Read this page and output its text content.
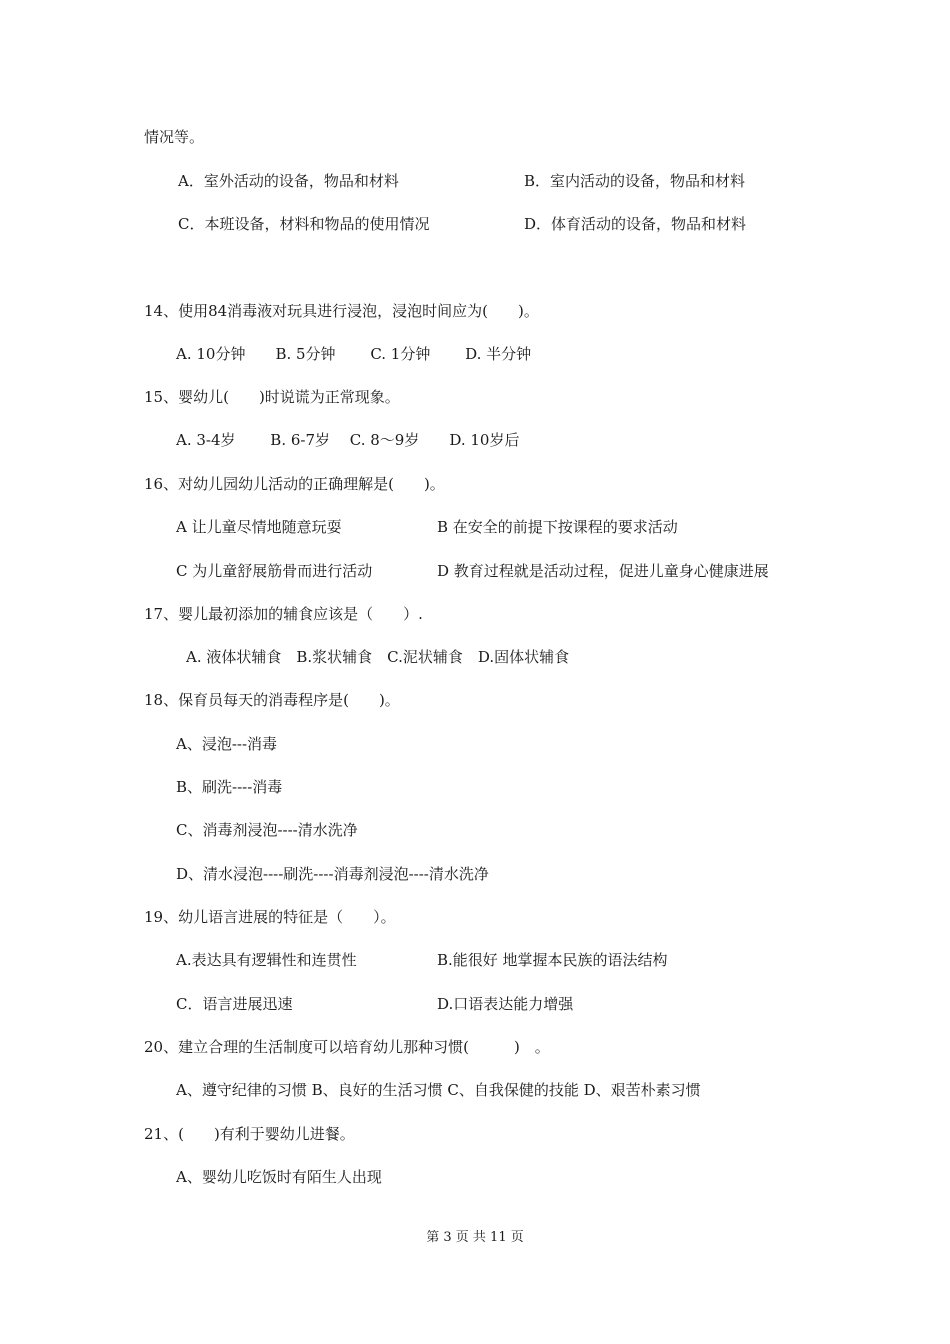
情况等。
A．室外活动的设备，物品和材料	B．室内活动的设备，物品和材料
C．本班设备，材料和物品的使用情况	D．体育活动的设备，物品和材料
14、使用84消毒液对玩具进行浸泡，浸泡时间应为(　　)。
A. 10分钟　　B. 5分钟　　 C. 1分钟　　 D. 半分钟
15、婴幼儿(　　)时说谎为正常现象。
A. 3-4岁　　 B. 6-7岁　 C. 8～9岁　　D. 10岁后
16、对幼儿园幼儿活动的正确理解是(　　)。
A 让儿童尽情地随意玩耍	B 在安全的前提下按课程的要求活动
C 为儿童舒展筋骨而进行活动	D 教育过程就是活动过程，促进儿童身心健康进展
17、婴儿最初添加的辅食应该是（　　）.
A. 液体状辅食　B.浆状辅食　C.泥状辅食　D.固体状辅食
18、保育员每天的消毒程序是(　　)。
A、浸泡---消毒
B、刷洗----消毒
C、消毒剂浸泡----清水洗净
D、清水浸泡----刷洗----消毒剂浸泡----清水洗净
19、幼儿语言进展的特征是（　　）。
A.表达具有逻辑性和连贯性	B.能很好 地掌握本民族的语法结构
C．语言进展迅速	D.口语表达能力增强
20、建立合理的生活制度可以培育幼儿那种习惯(　　　)　。
A、遵守纪律的习惯 B、良好的生活习惯 C、自我保健的技能 D、艰苦朴素习惯
21、(　　)有利于婴幼儿进餐。
A、婴幼儿吃饭时有陌生人出现
第 3 页 共 11 页
